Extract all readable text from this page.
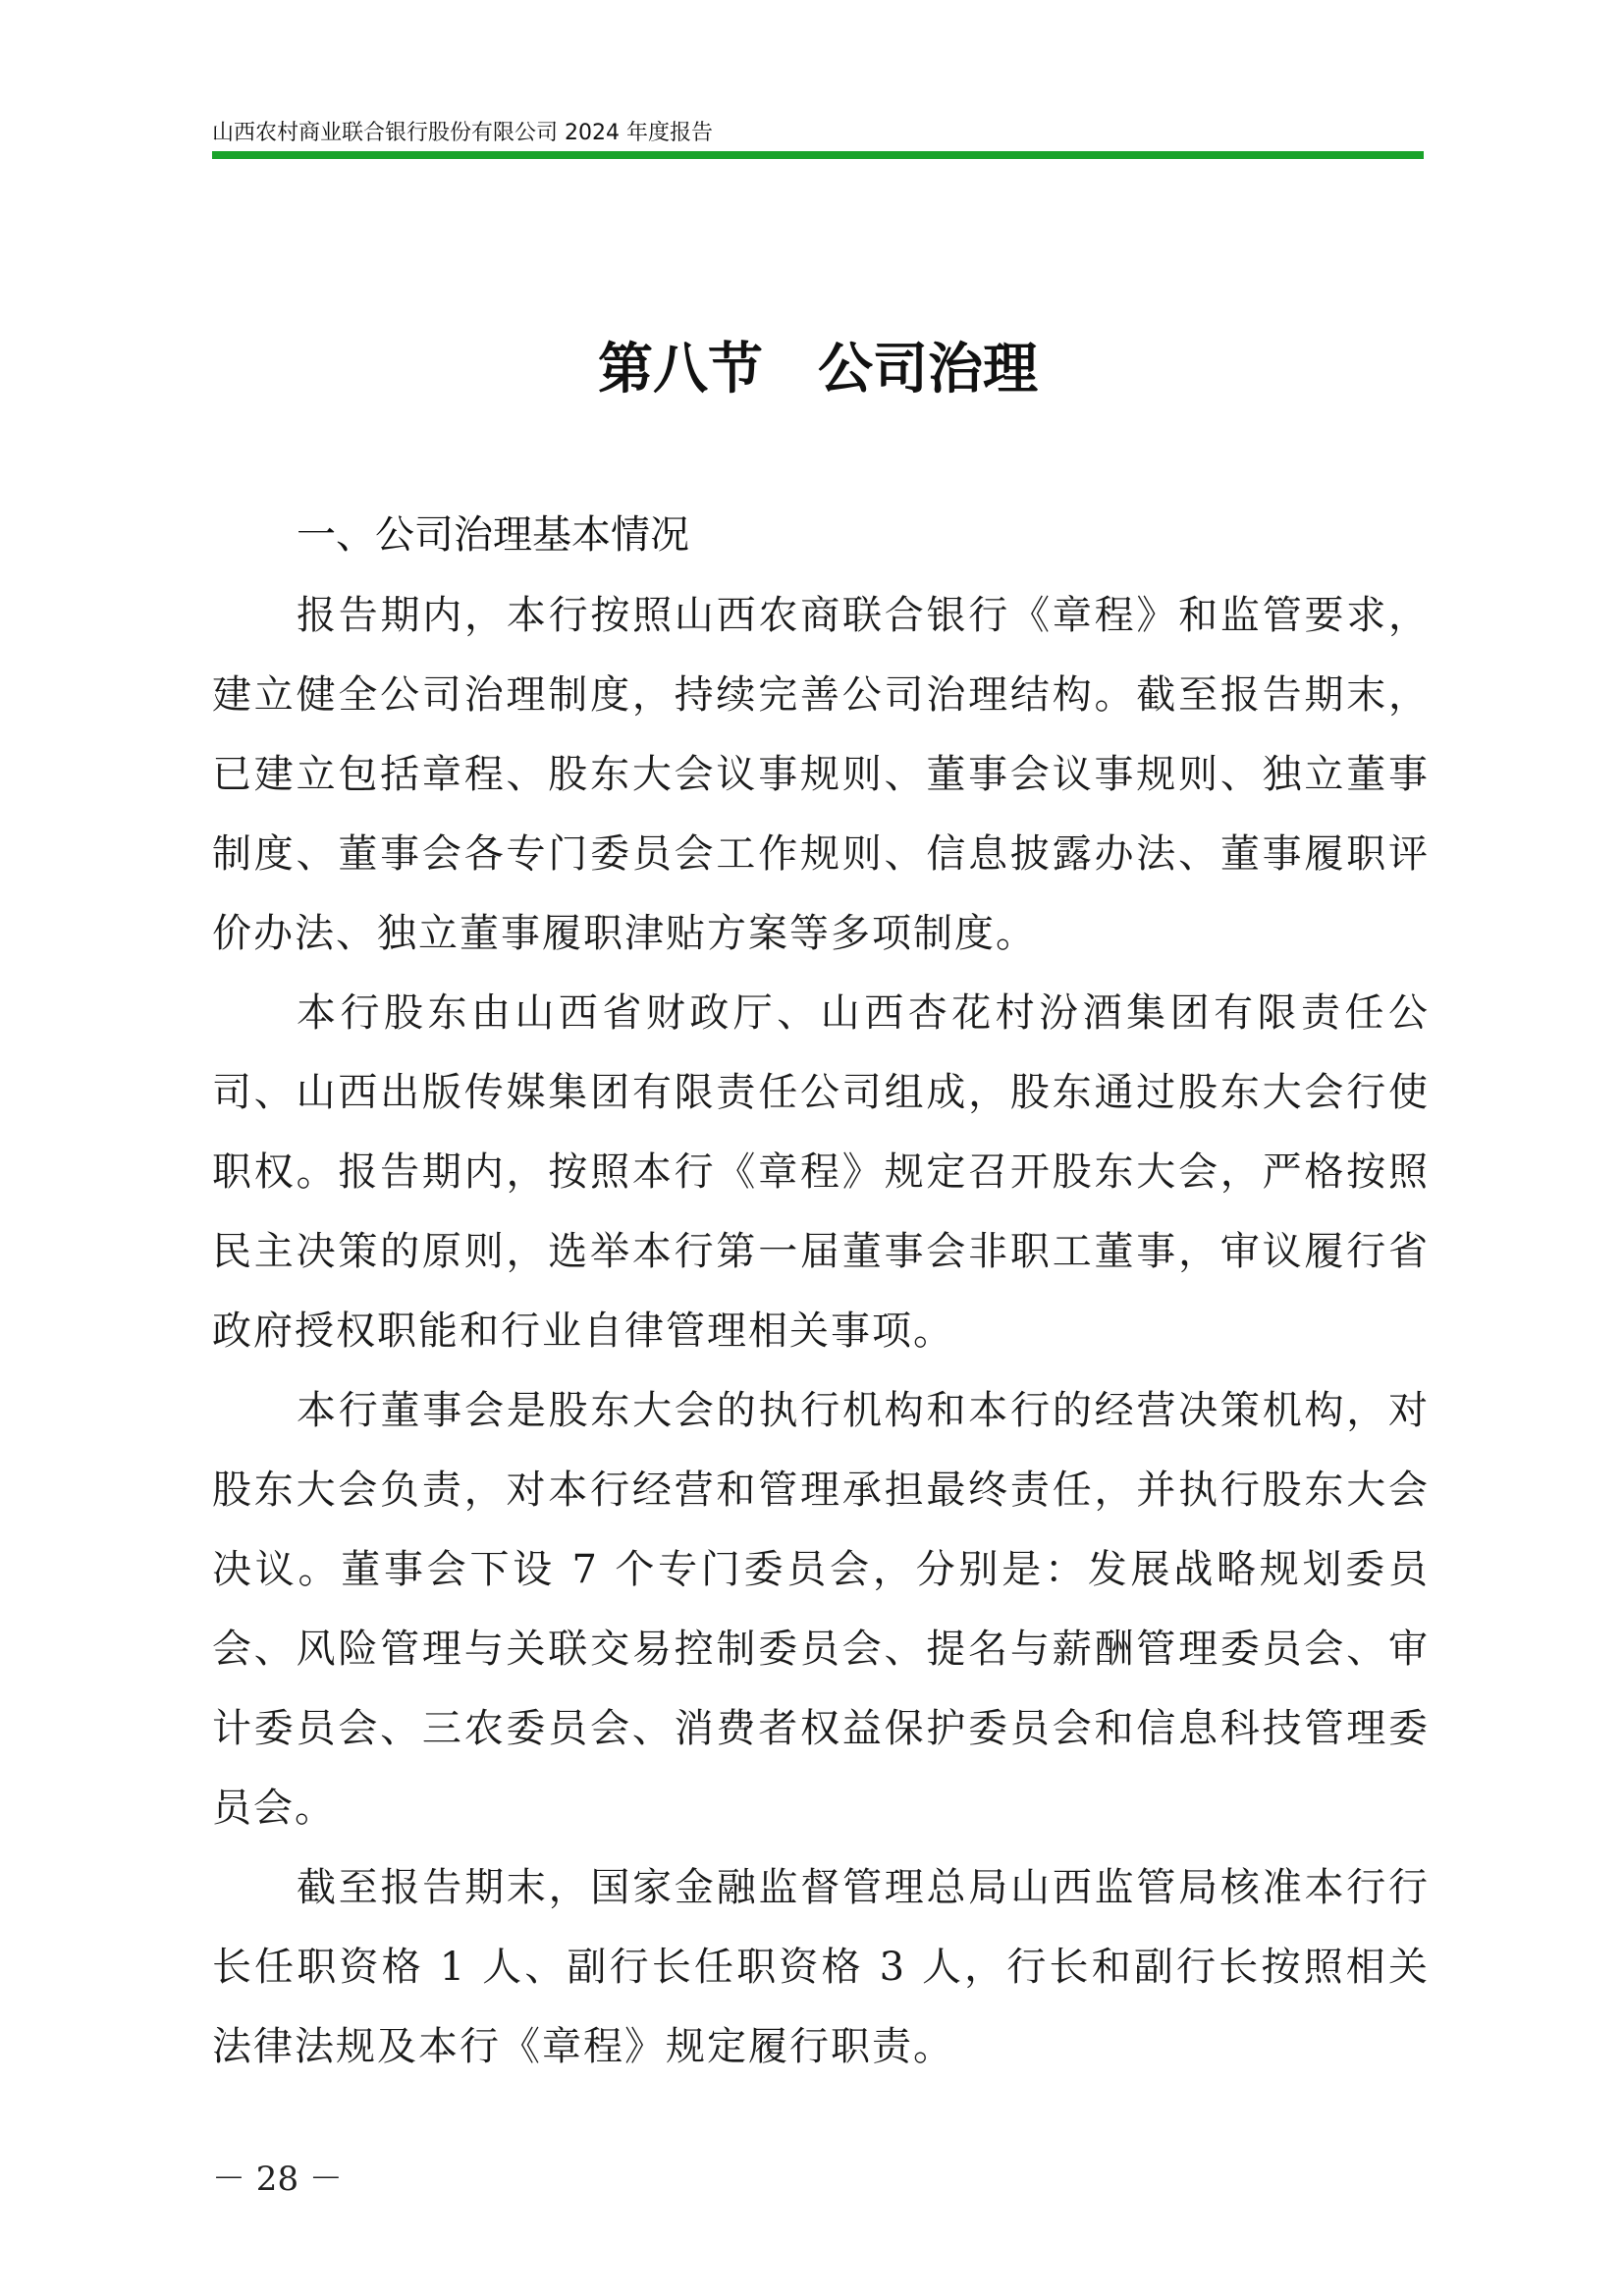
山西农村商业联合银行股份有限公司 2024 年度报告
第八节　公司治理
一、公司治理基本情况

报告期内，本行按照山西农商联合银行《章程》和监管要求，建立健全公司治理制度，持续完善公司治理结构。截至报告期末，已建立包括章程、股东大会议事规则、董事会议事规则、独立董事制度、董事会各专门委员会工作规则、信息披露办法、董事履职评价办法、独立董事履职津贴方案等多项制度。

本行股东由山西省财政厅、山西杏花村汾酒集团有限责任公司、山西出版传媒集团有限责任公司组成，股东通过股东大会行使职权。报告期内，按照本行《章程》规定召开股东大会，严格按照民主决策的原则，选举本行第一届董事会非职工董事，审议履行省政府授权职能和行业自律管理相关事项。

本行董事会是股东大会的执行机构和本行的经营决策机构，对股东大会负责，对本行经营和管理承担最终责任，并执行股东大会决议。董事会下设 7 个专门委员会，分别是：发展战略规划委员会、风险管理与关联交易控制委员会、提名与薪酬管理委员会、审计委员会、三农委员会、消费者权益保护委员会和信息科技管理委员会。

截至报告期末，国家金融监督管理总局山西监管局核准本行行长任职资格 1 人、副行长任职资格 3 人，行长和副行长按照相关法律法规及本行《章程》规定履行职责。

－ 28 －
